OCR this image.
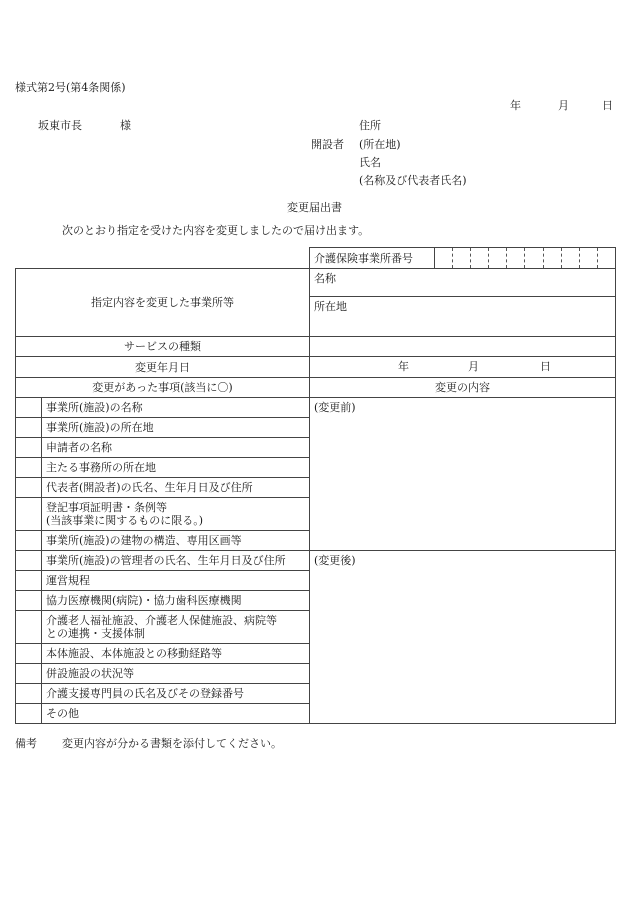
様式第2号(第4条関係)
年	月	日
坂東市長	様	住所
開設者 (所在地)
氏名
(名称及び代表者氏名)
変更届出書
次のとおり指定を受けた内容を変更しましたので届け出ます。
		介護保険事業所番号	

指定内容を変更した事業所等		名称	
		所在地	
サービスの種類			
変更年月日		年 月 日	

変更があった事項(該当に〇)		変更の内容	
	事業所(施設)の名称	(変更前)	
	事業所(施設)の所在地		
	申請者の名称		
	主たる事務所の所在地		
	代表者(開設者)の氏名、生年月日及び住所		
	登記事項証明書・条例等
(当該事業に関するものに限る。)		
	事業所(施設)の建物の構造、専用区画等		
	事業所(施設)の管理者の氏名、生年月日及び住所	(変更後)	
	運営規程		
	協力医療機関(病院)・協力歯科医療機関		
	介護老人福祉施設、介護老人保健施設、病院等
との連携・支援体制		
	本体施設、本体施設との移動経路等		
	併設施設の状況等		
	介護支援専門員の氏名及びその登録番号		
	その他		
備考 変更内容が分かる書類を添付してください。
